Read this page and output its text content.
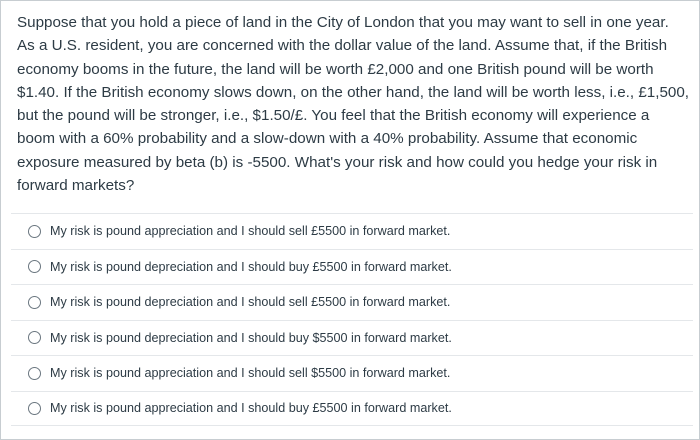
Suppose that you hold a piece of land in the City of London that you may want to sell in one year. As a U.S. resident, you are concerned with the dollar value of the land. Assume that, if the British economy booms in the future, the land will be worth £2,000 and one British pound will be worth $1.40. If the British economy slows down, on the other hand, the land will be worth less, i.e., £1,500, but the pound will be stronger, i.e., $1.50/£. You feel that the British economy will experience a boom with a 60% probability and a slow-down with a 40% probability. Assume that economic exposure measured by beta (b) is -5500. What's your risk and how could you hedge your risk in forward markets?

My risk is pound appreciation and I should sell £5500 in forward market.
My risk is pound depreciation and I should buy £5500 in forward market.
My risk is pound depreciation and I should sell £5500 in forward market.
My risk is pound depreciation and I should buy $5500 in forward market.
My risk is pound appreciation and I should sell $5500 in forward market.
My risk is pound appreciation and I should buy £5500 in forward market.
